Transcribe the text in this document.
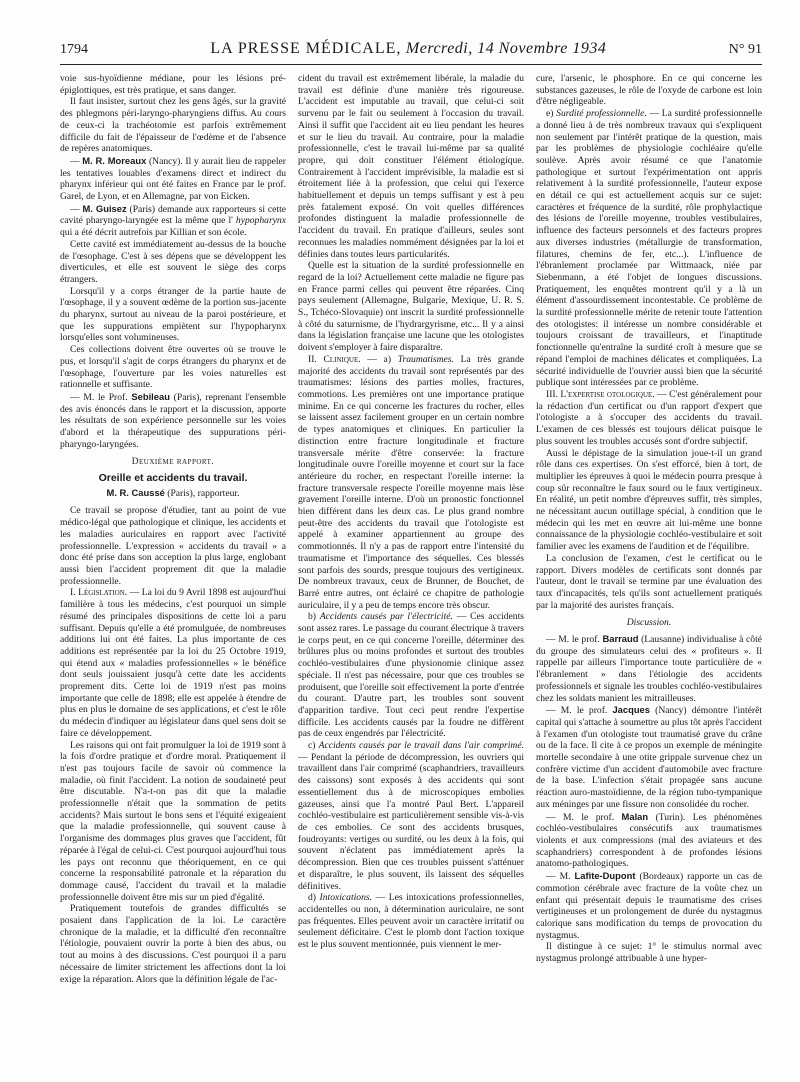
1794	LA PRESSE MÉDICALE, Mercredi, 14 Novembre 1934	N° 91

voie sus-hyoïdienne médiane, pour les lésions pré-épiglottiques, est très pratique, et sans danger.

Il faut insister, surtout chez les gens âgés, sur la gravité des phlegmons péri-laryngo-pharyngiens diffus. Au cours de ceux-ci la trachéotomie est parfois extrêmement difficile du fait de l'épaisseur de l'œdème et de l'absence de repères anatomiques.

— M. R. Moreaux (Nancy). Il y aurait lieu de rappeler les tentatives louables d'examens direct et indirect du pharynx inférieur qui ont été faites en France par le prof. Garel, de Lyon, et en Allemagne, par von Eicken.

— M. Guisez (Paris) demande aux rapporteurs si cette cavité pharyngo-laryngée est la même que l' hypopharynx qui a été décrit autrefois par Killian et son école.

Cette cavité est immédiatement au-dessus de la bouche de l'œsophage. C'est à ses dépens que se développent les diverticules, et elle est souvent le siège des corps étrangers.

Lorsqu'il y a corps étranger de la partie haute de l'œsophage, il y a souvent œdème de la portion sus-jacente du pharynx, surtout au niveau de la paroi postérieure, et que les suppurations empiètent sur l'hypopharynx lorsqu'elles sont volumineuses.

Ces collections doivent être ouvertes où se trouve le pus, et lorsqu'il s'agit de corps étrangers du pharynx et de l'œsophage, l'ouverture par les voies naturelles est rationnelle et suffisante.

— M. le Prof. Sebileau (Paris), reprenant l'ensemble des avis énoncés dans le rapport et la discussion, apporte les résultats de son expérience personnelle sur les voies d'abord et la thérapeutique des suppurations péri-pharyngo-laryngées.

Deuxième rapport.
Oreille et accidents du travail.
M. R. Caussé (Paris), rapporteur.

Ce travail se propose d'étudier, tant au point de vue médico-légal que pathologique et clinique, les accidents et les maladies auriculaires en rapport avec l'activité professionnelle. L'expression « accidents du travail » a donc été prise dans son acception la plus large, englobant aussi bien l'accident proprement dit que la maladie professionnelle.

I. Législation. — La loi du 9 Avril 1898 est aujourd'hui familière à tous les médecins, c'est pourquoi un simple résumé des principales dispositions de cette loi a paru suffisant. Depuis qu'elle a été promulguée, de nombreuses additions lui ont été faites. La plus importante de ces additions est représentée par la loi du 25 Octobre 1919, qui étend aux « maladies professionnelles » le bénéfice dont seuls jouissaient jusqu'à cette date les accidents proprement dits. Cette loi de 1919 n'est pas moins importante que celle de 1898; elle est appelée à étendre de plus en plus le domaine de ses applications, et c'est le rôle du médecin d'indiquer au législateur dans quel sens doit se faire ce développement.

Les raisons qui ont fait promulguer la loi de 1919 sont à la fois d'ordre pratique et d'ordre moral. Pratiquement il n'est pas toujours facile de savoir où commence la maladie, où finit l'accident. La notion de soudaineté peut être discutable. N'a-t-on pas dit que la maladie professionnelle n'était que la sommation de petits accidents? Mais surtout le bons sens et l'équité exigeaient que la maladie professionnelle, qui souvent cause à l'organisme des dommages plus graves que l'accident, fût réparée à l'égal de celui-ci. C'est pourquoi aujourd'hui tous les pays ont reconnu que théoriquement, en ce qui concerne la responsabilité patronale et la réparation du dommage causé, l'accident du travail et la maladie professionnelle doivent être mis sur un pied d'égalité.

Pratiquement toutefois de grandes difficultés se posaient dans l'application de la loi. Le caractère chronique de la maladie, et la difficulté d'en reconnaître l'étiologie, pouvaient ouvrir la porte à bien des abus, ou tout au moins à des discussions. C'est pourquoi il a paru nécessaire de limiter strictement les affections dont la loi exige la réparation. Alors que la définition légale de l'ac-

cident du travail est extrêmement libérale, la maladie du travail est définie d'une manière très rigoureuse. L'accident est imputable au travail, que celui-ci soit survenu par le fait ou seulement à l'occasion du travail. Ainsi il suffit que l'accident ait eu lieu pendant les heures et sur le lieu du travail. Au contraire, pour la maladie professionnelle, c'est le travail lui-même par sa qualité propre, qui doit constituer l'élément étiologique. Contrairement à l'accident imprévisible, la maladie est si étroitement liée à la profession, que celui qui l'exerce habituellement et depuis un temps suffisant y est à peu près fatalement exposé. On voit quelles différences profondes distinguent la maladie professionnelle de l'accident du travail. En pratique d'ailleurs, seules sont reconnues les maladies nommément désignées par la loi et définies dans toutes leurs particularités.

Quelle est la situation de la surdité professionnelle en regard de la loi? Actuellement cette maladie ne figure pas en France parmi celles qui peuvent être réparées. Cinq pays seulement (Allemagne, Bulgarie, Mexique, U. R. S. S., Tchéco-Slovaquie) ont inscrit la surdité professionnelle à côté du saturnisme, de l'hydrargyrisme, etc... Il y a ainsi dans la législation française une lacune que les otologistes doivent s'employer à faire disparaître.

II. Clinique. — a) Traumatismes. La très grande majorité des accidents du travail sont représentés par des traumatismes: lésions des parties molles, fractures, commotions. Les premières ont une importance pratique minime. En ce qui concerne les fractures du rocher, elles se laissent assez facilement grouper en un certain nombre de types anatomiques et cliniques. En particulier la distinction entre fracture longitudinale et fracture transversale mérite d'être conservée: la fracture longitudinale ouvre l'oreille moyenne et court sur la face antérieure du rocher, en respectant l'oreille interne: la fracture transversale respecte l'oreille moyenne mais lèse gravement l'oreille interne. D'où un pronostic fonctionnel bien différent dans les deux cas. Le plus grand nombre peut-être des accidents du travail que l'otologiste est appelé à examiner appartiennent au groupe des commotionnés. Il n'y a pas de rapport entre l'intensité du traumatisme et l'importance des séquelles. Ces blessés sont parfois des sourds, presque toujours des vertigineux. De nombreux travaux, ceux de Brunner, de Bouchet, de Barré entre autres, ont éclairé ce chapitre de pathologie auriculaire, il y a peu de temps encore très obscur.

b) Accidents causés par l'électricité. — Ces accidents sont assez rares. Le passage du courant électrique à travers le corps peut, en ce qui concerne l'oreille, déterminer des brûlures plus ou moins profondes et surtout des troubles cochléo-vestibulaires d'une physionomie clinique assez spéciale. Il n'est pas nécessaire, pour que ces troubles se produisent, que l'oreille soit effectivement la porte d'entrée du courant. D'autre part, les troubles sont souvent d'apparition tardive. Tout ceci peut rendre l'expertise difficile. Les accidents causés par la foudre ne diffèrent pas de ceux engendrés par l'électricité.

c) Accidents causés par le travail dans l'air comprimé. — Pendant la période de décompression, les ouvriers qui travaillent dans l'air comprimé (scaphandriers, travailleurs des caissons) sont exposés à des accidents qui sont essentiellement dus à de microscopiques embolies gazeuses, ainsi que l'a montré Paul Bert. L'appareil cochléo-vestibulaire est particulièrement sensible vis-à-vis de ces embolies. Ce sont des accidents brusques, foudroyants: vertiges ou surdité, ou les deux à la fois, qui souvent n'éclatent pas immédiatement après la décompression. Bien que ces troubles puissent s'atténuer et disparaître, le plus souvent, ils laissent des séquelles définitives.

d) Intoxications. — Les intoxications professionnelles, accidentelles ou non, à détermination auriculaire, ne sont pas fréquentes. Elles peuvent avoir un caractère irritatif ou seulement déficitaire. C'est le plomb dont l'action toxique est le plus souvent mentionnée, puis viennent le mer-

cure, l'arsenic, le phosphore. En ce qui concerne les substances gazeuses, le rôle de l'oxyde de carbone est loin d'être négligeable.

e) Surdité professionnelle. — La surdité professionnelle a donné lieu à de très nombreux travaux qui s'expliquent non seulement par l'intérêt pratique de la question, mais par les problèmes de physiologie cochléaire qu'elle soulève. Après avoir résumé ce que l'anatomie pathologique et surtout l'expérimentation ont appris relativement à la surdité professionnelle, l'auteur expose en détail ce qui est actuellement acquis sur ce sujet: caractères et fréquence de la surdité, rôle prophylactique des lésions de l'oreille moyenne, troubles vestibulaires, influence des facteurs personnels et des facteurs propres aux diverses industries (métallurgie de transformation, filatures, chemins de fer, etc...). L'influence de l'ébranlement proclamée par Wittmaack, niée par Siebenmann, a été l'objet de longues discussions. Pratiquement, les enquêtes montrent qu'il y a là un élément d'assourdissement incontestable. Ce problème de la surdité professionnelle mérite de retenir toute l'attention des otologistes: il intéresse un nombre considérable et toujours croissant de travailleurs, et l'inaptitude fonctionnelle qu'entraîne la surdité croît à mesure que se répand l'emploi de machines délicates et compliquées. La sécurité individuelle de l'ouvrier aussi bien que la sécurité publique sont intéressées par ce problème.

III. L'expertise otologique. — C'est généralement pour la rédaction d'un certificat ou d'un rapport d'expert que l'otologiste a à s'occuper des accidents du travail. L'examen de ces blessés est toujours délicat puisque le plus souvent les troubles accusés sont d'ordre subjectif.

Aussi le dépistage de la simulation joue-t-il un grand rôle dans ces expertises. On s'est efforcé, bien à tort, de multiplier les épreuves à quoi le médecin pourra presque à coup sûr reconnaître le faux sourd ou le faux vertigineux. En réalité, un petit nombre d'épreuves suffit, très simples, ne nécessitant aucun outillage spécial, à condition que le médecin qui les met en œuvre ait lui-même une bonne connaissance de la physiologie cochléo-vestibulaire et soit familier avec les examens de l'audition et de l'équilibre.

La conclusion de l'examen, c'est le certificat ou le rapport. Divers modèles de certificats sont donnés par l'auteur, dont le travail se termine par une évaluation des taux d'incapacités, tels qu'ils sont actuellement pratiqués par la majorité des auristes français.

Discussion.

— M. le prof. Barraud (Lausanne) individualise à côté du groupe des simulateurs celui des « profiteurs ». Il rappelle par ailleurs l'importance toute particulière de « l'ébranlement » dans l'étiologie des accidents professionnels et signale les troubles cochléo-vestibulaires chez les soldats manient les mitrailleuses.

— M. le prof. Jacques (Nancy) démontre l'intérêt capital qui s'attache à soumettre au plus tôt après l'accident à l'examen d'un otologiste tout traumatisé grave du crâne ou de la face. Il cite à ce propos un exemple de méningite mortelle secondaire à une otite grippale survenue chez un confrère victime d'un accident d'automobile avec fracture de la base. L'infection s'était propagée sans aucune réaction auro-mastoïdienne, de la région tubo-tympanique aux méninges par une fissure non consolidée du rocher.

— M. le prof. Malan (Turin). Les phénomènes cochléo-vestibulaires consécutifs aux traumatismes violents et aux compressions (mal des aviateurs et des scaphandriers) correspondent à de profondes lésions anatomo-pathologiques.

— M. Lafite-Dupont (Bordeaux) rapporte un cas de commotion cérébrale avec fracture de la voûte chez un enfant qui présentait depuis le traumatisme des crises vertigineuses et un prolongement de durée du nystagmus calorique sans modification du temps de provocation du nystagmus.

Il distingue à ce sujet: 1° le stimulus normal avec nystagmus prolongé attribuable à une hyper-
